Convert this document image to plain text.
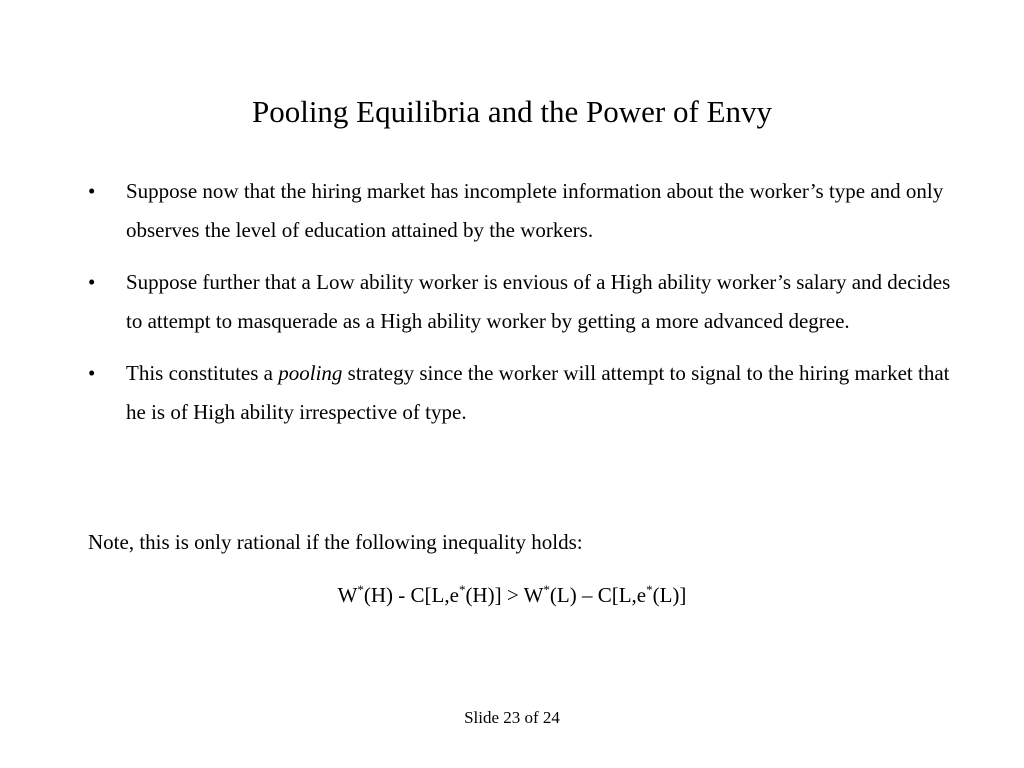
Pooling Equilibria and the Power of Envy
• Suppose now that the hiring market has incomplete information about the worker’s type and only observes the level of education attained by the workers.
• Suppose further that a Low ability worker is envious of a High ability worker’s salary and decides to attempt to masquerade as a High ability worker by getting a more advanced degree.
• This constitutes a pooling strategy since the worker will attempt to signal to the hiring market that he is of High ability irrespective of type.
Note, this is only rational if the following inequality holds:
W*(H) - C[L,e*(H)] > W*(L) – C[L,e*(L)]
Slide 23 of 24
